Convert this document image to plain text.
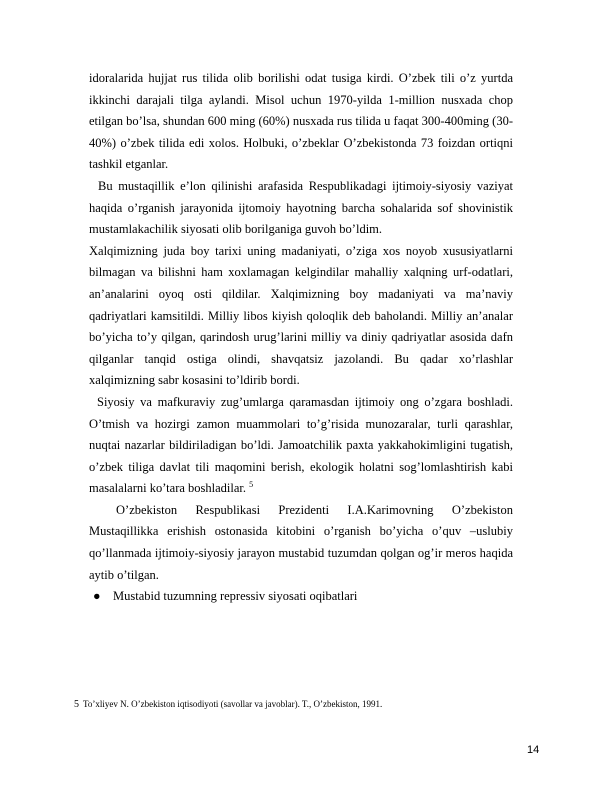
idoralarida hujjat rus tilida olib borilishi odat tusiga kirdi. O’zbek tili o’z yurtda ikkinchi darajali tilga aylandi. Misol uchun 1970-yilda 1-million nusxada chop etilgan bo’lsa, shundan 600 ming (60%) nusxada rus tilida u faqat 300-400ming (30-40%) o’zbek tilida edi xolos. Holbuki, o’zbeklar O’zbekistonda 73 foizdan ortiqni tashkil etganlar.

Bu mustaqillik e’lon qilinishi arafasida Respublikadagi ijtimoiy-siyosiy vaziyat haqida o’rganish jarayonida ijtomoiy hayotning barcha sohalarida sof shovinistik mustamlakachilik siyosati olib borilganiga guvoh bo’ldim.

Xalqimizning juda boy tarixi uning madaniyati, o’ziga xos noyob xususiyatlarni bilmagan va bilishni ham xoxlamagan kelgindilar mahalliy xalqning urf-odatlari, an’analarini oyoq osti qildilar. Xalqimizning boy madaniyati va ma’naviy qadriyatlari kamsitildi. Milliy libos kiyish qoloqlik deb baholandi. Milliy an’analar bo’yicha to’y qilgan, qarindosh urug’larini milliy va diniy qadriyatlar asosida dafn qilganlar tanqid ostiga olindi, shavqatsiz jazolandi. Bu qadar xo’rlashlar xalqimizning sabr kosasini to’ldirib bordi.

Siyosiy va mafkuraviy zug’umlarga qaramasdan ijtimoiy ong o’zgara boshladi. O’tmish va hozirgi zamon muammolari to’g’risida munozaralar, turli qarashlar, nuqtai nazarlar bildiriladigan bo’ldi. Jamoatchilik paxta yakkahokimligini tugatish, o’zbek tiliga davlat tili maqomini berish, ekologik holatni sog’lomlashtirish kabi masalalarni ko’tara boshladilar. $^5$

O’zbekiston Respublikasi Prezidenti I.A.Karimovning O’zbekiston Mustaqillikka erishish ostonasida kitobini o’rganish bo’yicha o’quv –uslubiy qo’llanmada ijtimoiy-siyosiy jarayon mustabid tuzumdan qolgan og’ir meros haqida aytib o’tilgan.

● Mustabid tuzumning repressiv siyosati oqibatlari

5 To’xliyev N. O’zbekiston iqtisodiyoti (savollar va javoblar). T., O’zbekiston, 1991.
14
